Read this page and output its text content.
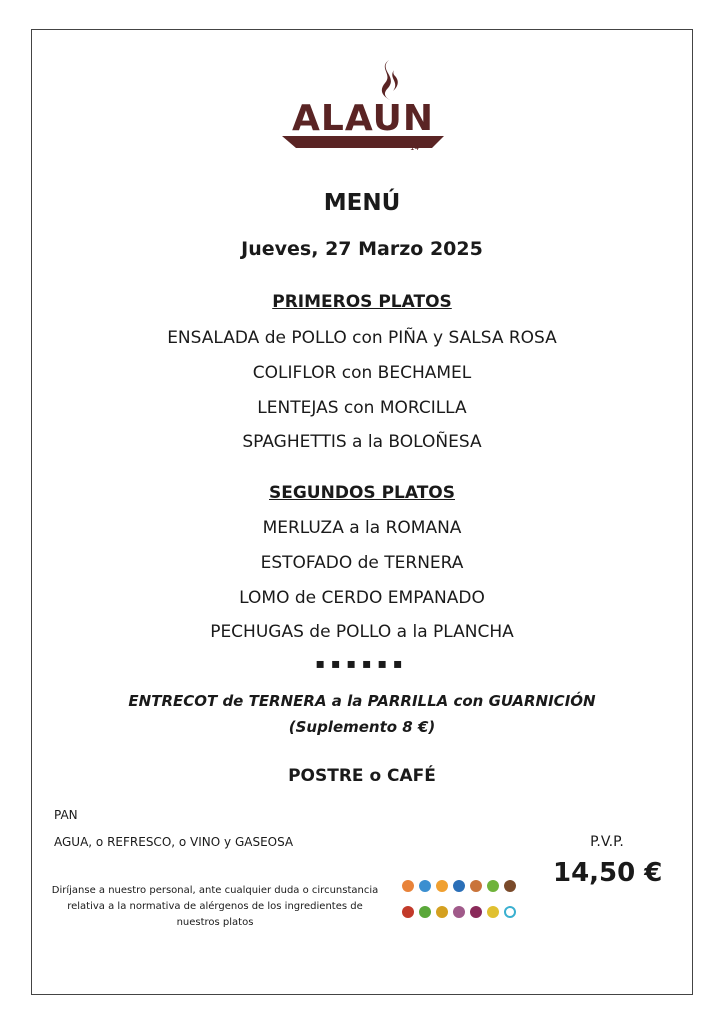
ALAUN
14
MENÚ
Jueves, 27 Marzo 2025
PRIMEROS PLATOS
ENSALADA de POLLO con PIÑA y SALSA ROSA
COLIFLOR con BECHAMEL
LENTEJAS con MORCILLA
SPAGHETTIS a la BOLOÑESA
SEGUNDOS PLATOS
MERLUZA a la ROMANA
ESTOFADO de TERNERA
LOMO de CERDO EMPANADO
PECHUGAS de POLLO a la PLANCHA
▪▪▪▪▪▪
ENTRECOT de TERNERA a la PARRILLA con GUARNICIÓN
(Suplemento 8 €)
POSTRE o CAFÉ
PAN
AGUA, o REFRESCO, o VINO y GASEOSA	P.V.P.
14,50 €
Diríjanse a nuestro personal, ante cualquier duda o circunstancia relativa a la normativa de alérgenos de los ingredientes de nuestros platos
